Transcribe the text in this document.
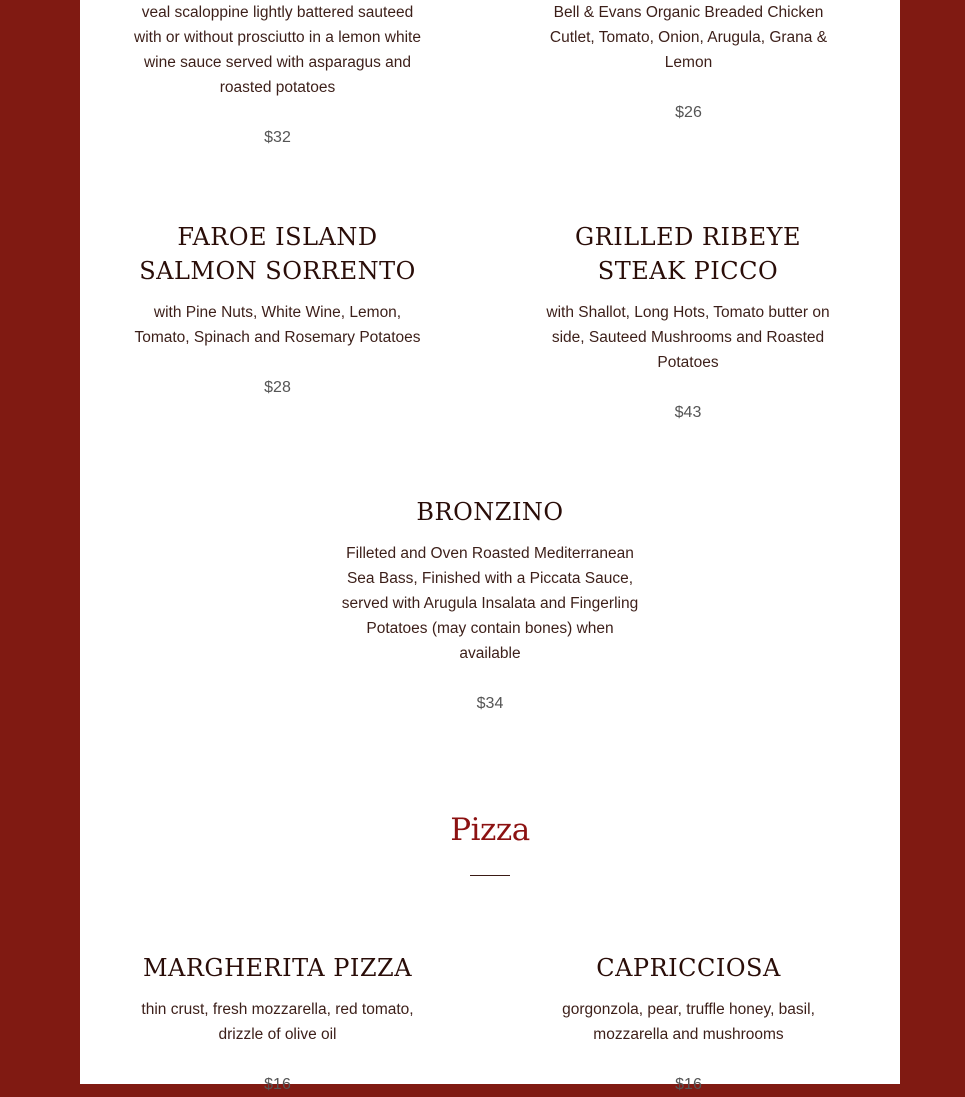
veal scaloppine lightly battered sauteed with or without prosciutto in a lemon white wine sauce served with asparagus and roasted potatoes

$32

Bell & Evans Organic Breaded Chicken Cutlet, Tomato, Onion, Arugula, Grana & Lemon

$26

FAROE ISLAND SALMON SORRENTO

with Pine Nuts, White Wine, Lemon, Tomato, Spinach and Rosemary Potatoes

$28

GRILLED RIBEYE STEAK PICCO

with Shallot, Long Hots, Tomato butter on side, Sauteed Mushrooms and Roasted Potatoes

$43

BRONZINO

Filleted and Oven Roasted Mediterranean Sea Bass, Finished with a Piccata Sauce, served with Arugula Insalata and Fingerling Potatoes (may contain bones) when available

$34

Pizza
MARGHERITA PIZZA

thin crust, fresh mozzarella, red tomato, drizzle of olive oil

$16

CAPRICCIOSA

gorgonzola, pear, truffle honey, basil, mozzarella and mushrooms

$16
